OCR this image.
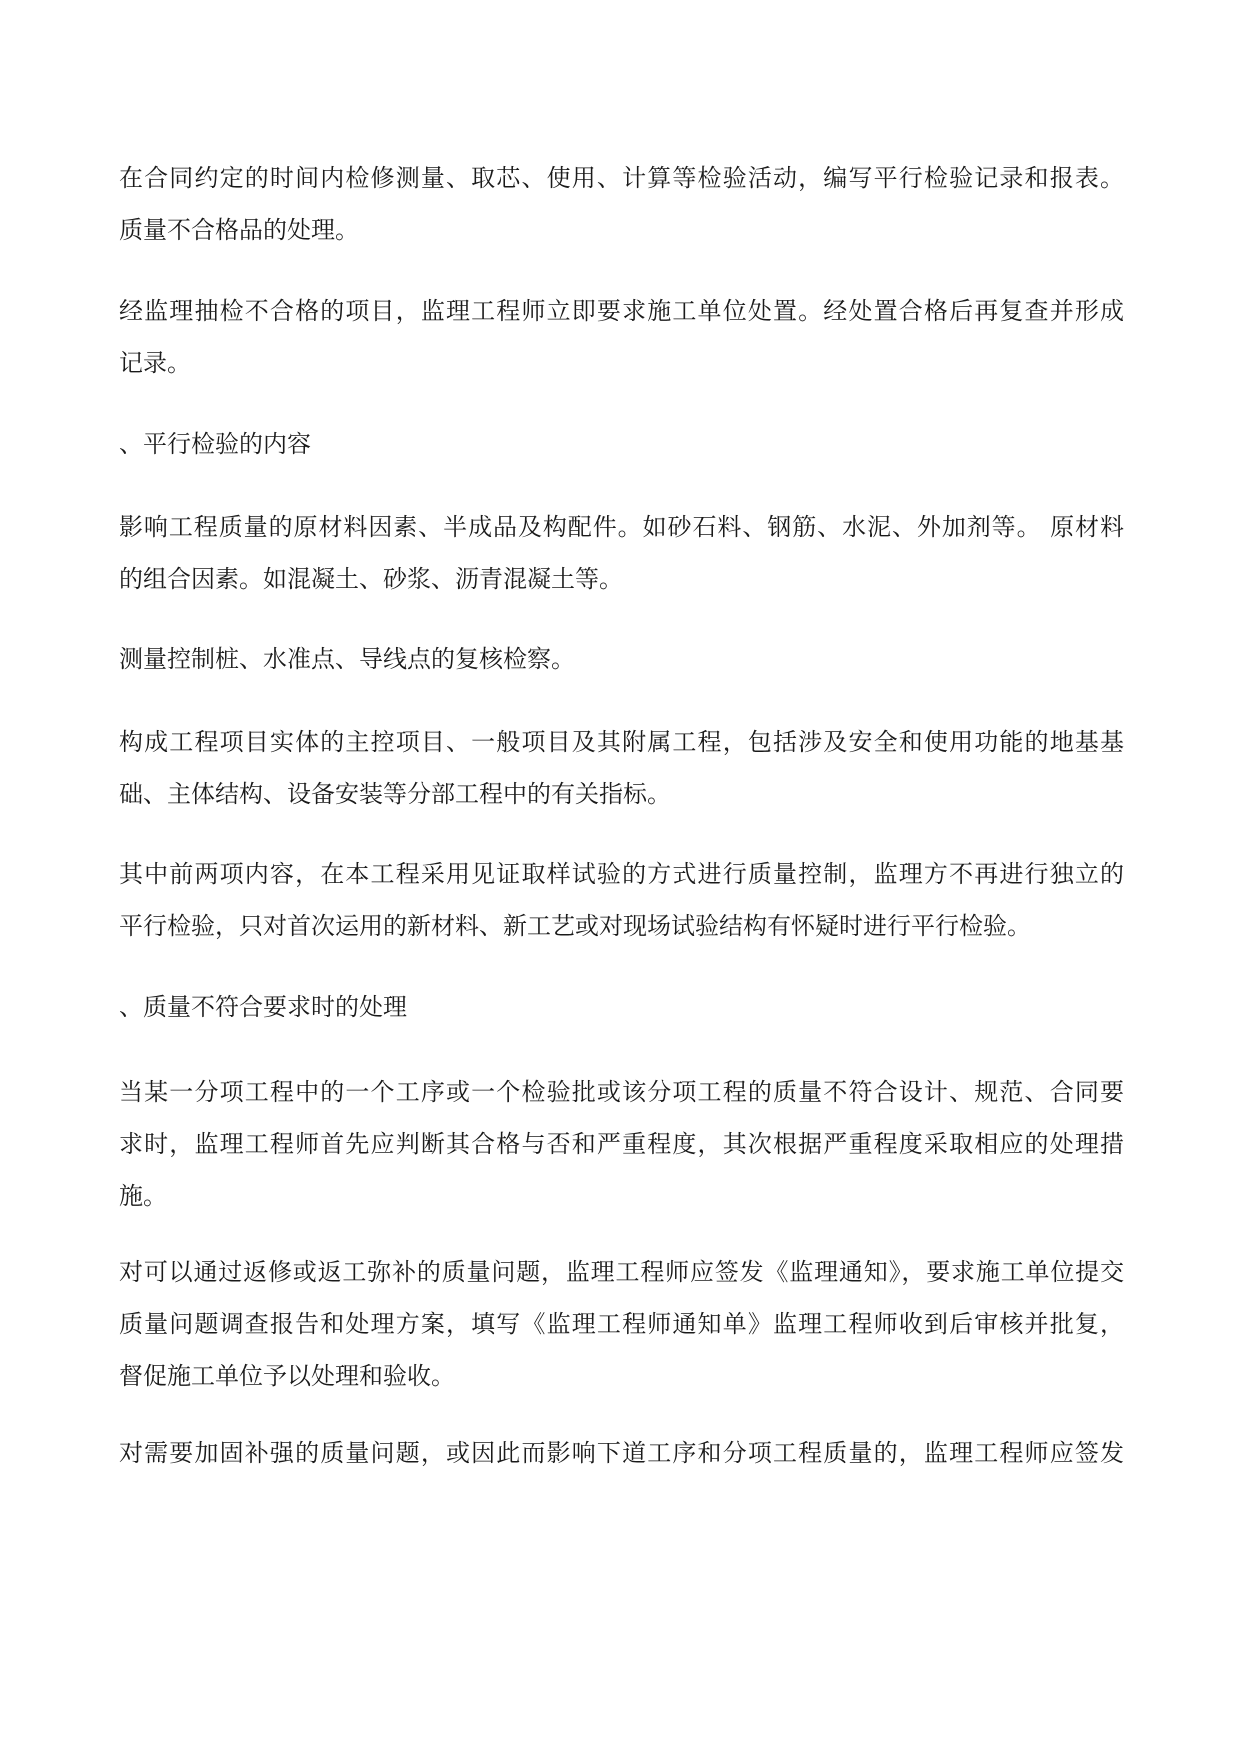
在合同约定的时间内检修测量、取芯、使用、计算等检验活动，编写平行检验记录和报表。
质量不合格品的处理。

经监理抽检不合格的项目，监理工程师立即要求施工单位处置。经处置合格后再复查并形成
记录。

、平行检验的内容

影响工程质量的原材料因素、半成品及构配件。如砂石料、钢筋、水泥、外加剂等。 原材料
的组合因素。如混凝土、砂浆、沥青混凝土等。

测量控制桩、水准点、导线点的复核检察。

构成工程项目实体的主控项目、一般项目及其附属工程，包括涉及安全和使用功能的地基基
础、主体结构、设备安装等分部工程中的有关指标。

其中前两项内容，在本工程采用见证取样试验的方式进行质量控制，监理方不再进行独立的
平行检验，只对首次运用的新材料、新工艺或对现场试验结构有怀疑时进行平行检验。

、质量不符合要求时的处理

当某一分项工程中的一个工序或一个检验批或该分项工程的质量不符合设计、规范、合同要
求时，监理工程师首先应判断其合格与否和严重程度，其次根据严重程度采取相应的处理措
施。

对可以通过返修或返工弥补的质量问题，监理工程师应签发《监理通知》，要求施工单位提交
质量问题调查报告和处理方案，填写《监理工程师通知单》监理工程师收到后审核并批复，
督促施工单位予以处理和验收。

对需要加固补强的质量问题，或因此而影响下道工序和分项工程质量的，监理工程师应签发
